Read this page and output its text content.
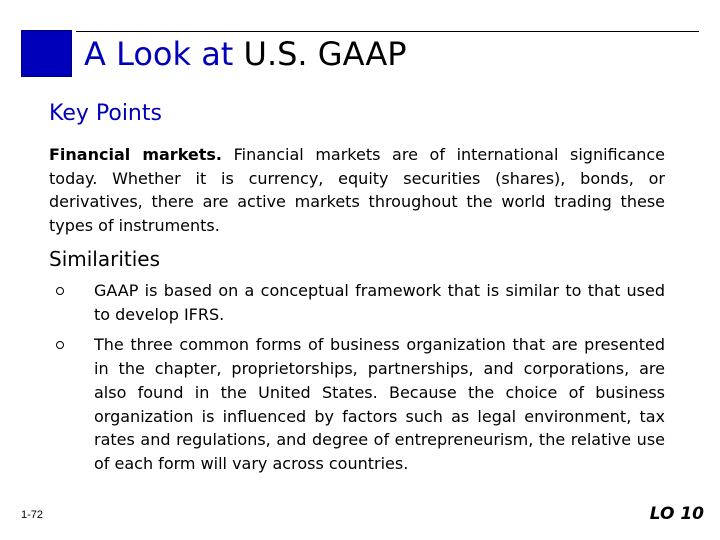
A Look at U.S. GAAP
Key Points
Financial markets. Financial markets are of international significance today. Whether it is currency, equity securities (shares), bonds, or derivatives, there are active markets throughout the world trading these types of instruments.
Similarities
GAAP is based on a conceptual framework that is similar to that used to develop IFRS.
The three common forms of business organization that are presented in the chapter, proprietorships, partnerships, and corporations, are also found in the United States. Because the choice of business organization is influenced by factors such as legal environment, tax rates and regulations, and degree of entrepreneurism, the relative use of each form will vary across countries.
1-72	LO 10
